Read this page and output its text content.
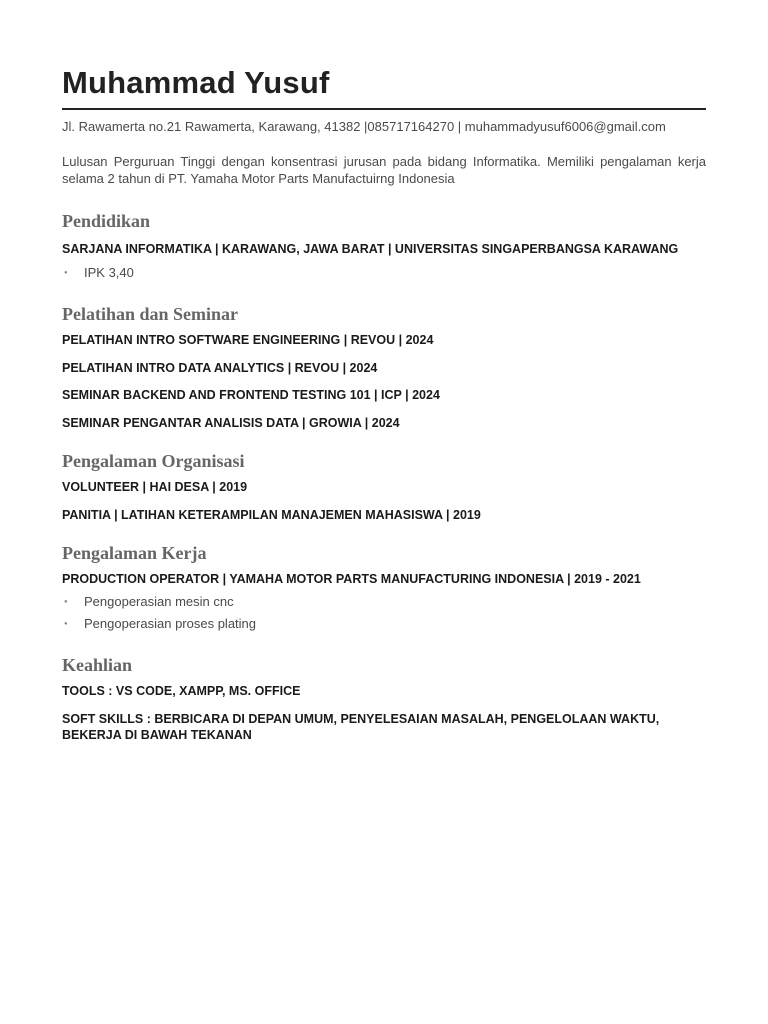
Muhammad Yusuf
Jl. Rawamerta no.21 Rawamerta, Karawang, 41382 |085717164270 | muhammadyusuf6006@gmail.com
Lulusan Perguruan Tinggi dengan konsentrasi jurusan pada bidang Informatika. Memiliki pengalaman kerja selama 2 tahun di PT. Yamaha Motor Parts Manufactuirng Indonesia
Pendidikan
SARJANA INFORMATIKA | KARAWANG, JAWA BARAT | UNIVERSITAS SINGAPERBANGSA KARAWANG
●	IPK 3,40
Pelatihan dan Seminar
PELATIHAN INTRO SOFTWARE ENGINEERING | REVOU | 2024
PELATIHAN INTRO DATA ANALYTICS | REVOU | 2024
SEMINAR BACKEND AND FRONTEND TESTING 101 | ICP | 2024
SEMINAR PENGANTAR ANALISIS DATA | GROWIA | 2024
Pengalaman Organisasi
VOLUNTEER | HAI DESA | 2019
PANITIA | LATIHAN KETERAMPILAN MANAJEMEN MAHASISWA | 2019
Pengalaman Kerja
PRODUCTION OPERATOR | YAMAHA MOTOR PARTS MANUFACTURING INDONESIA | 2019 - 2021
●	Pengoperasian mesin cnc
●	Pengoperasian proses plating
Keahlian
TOOLS : VS CODE, XAMPP, MS. OFFICE
SOFT SKILLS : BERBICARA DI DEPAN UMUM, PENYELESAIAN MASALAH, PENGELOLAAN WAKTU, BEKERJA DI BAWAH TEKANAN
